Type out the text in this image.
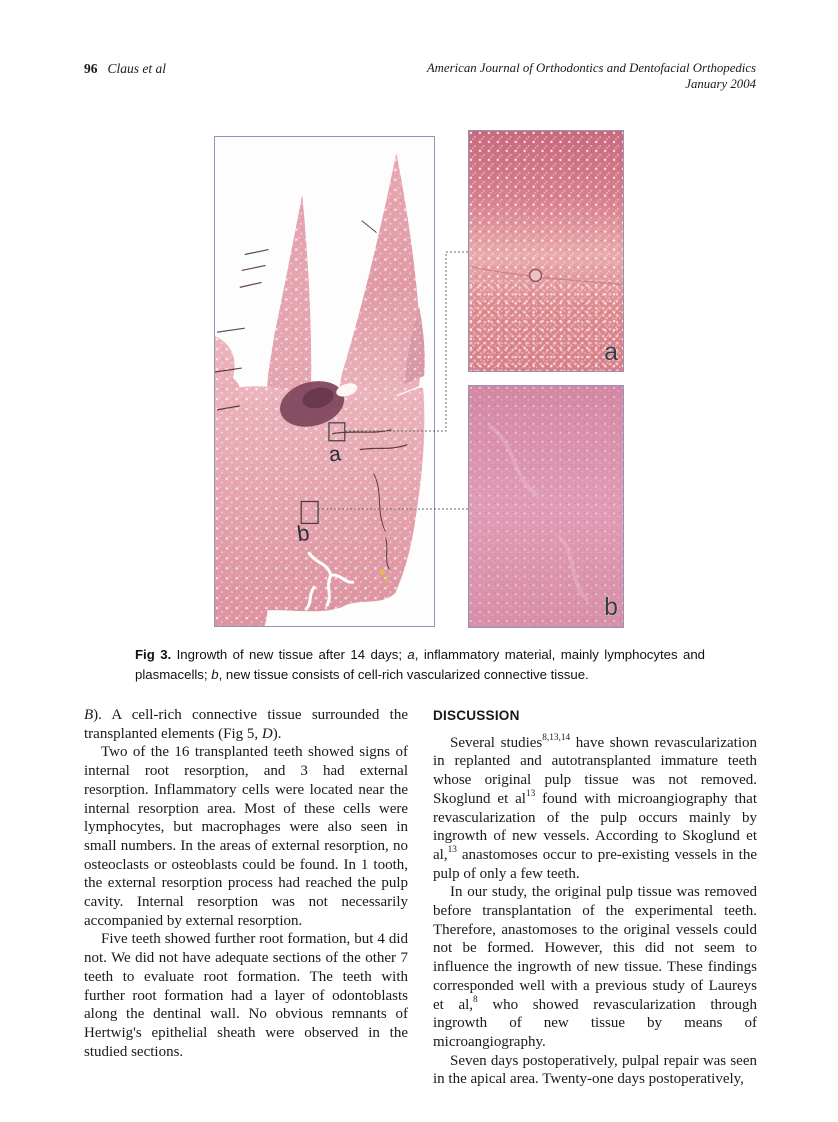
96 Claus et al	American Journal of Orthodontics and Dentofacial Orthopedics
January 2004
a
b
a
b
Fig 3. Ingrowth of new tissue after 14 days; a, inflammatory material, mainly lymphocytes and plasmacells; b, new tissue consists of cell-rich vascularized connective tissue.

B). A cell-rich connective tissue surrounded the transplanted elements (Fig 5, D).

Two of the 16 transplanted teeth showed signs of internal root resorption, and 3 had external resorption. Inflammatory cells were located near the internal resorption area. Most of these cells were lymphocytes, but macrophages were also seen in small numbers. In the areas of external resorption, no osteoclasts or osteoblasts could be found. In 1 tooth, the external resorption process had reached the pulp cavity. Internal resorption was not necessarily accompanied by external resorption.

Five teeth showed further root formation, but 4 did not. We did not have adequate sections of the other 7 teeth to evaluate root formation. The teeth with further root formation had a layer of odontoblasts along the dentinal wall. No obvious remnants of Hertwig's epithelial sheath were observed in the studied sections.

DISCUSSION

Several studies$^{8,13,14}$ have shown revascularization in replanted and autotransplanted immature teeth whose original pulp tissue was not removed. Skoglund et $al^{13}$ found with microangiography that revascularization of the pulp occurs mainly by ingrowth of new vessels. According to Skoglund et al,$^{13}$ anastomoses occur to pre-existing vessels in the pulp of only a few teeth.

In our study, the original pulp tissue was removed before transplantation of the experimental teeth. Therefore, anastomoses to the original vessels could not be formed. However, this did not seem to influence the ingrowth of new tissue. These findings corresponded well with a previous study of Laureys et al,$^8$ who showed revascularization through ingrowth of new tissue by means of microangiography.

Seven days postoperatively, pulpal repair was seen in the apical area. Twenty-one days postoperatively,
